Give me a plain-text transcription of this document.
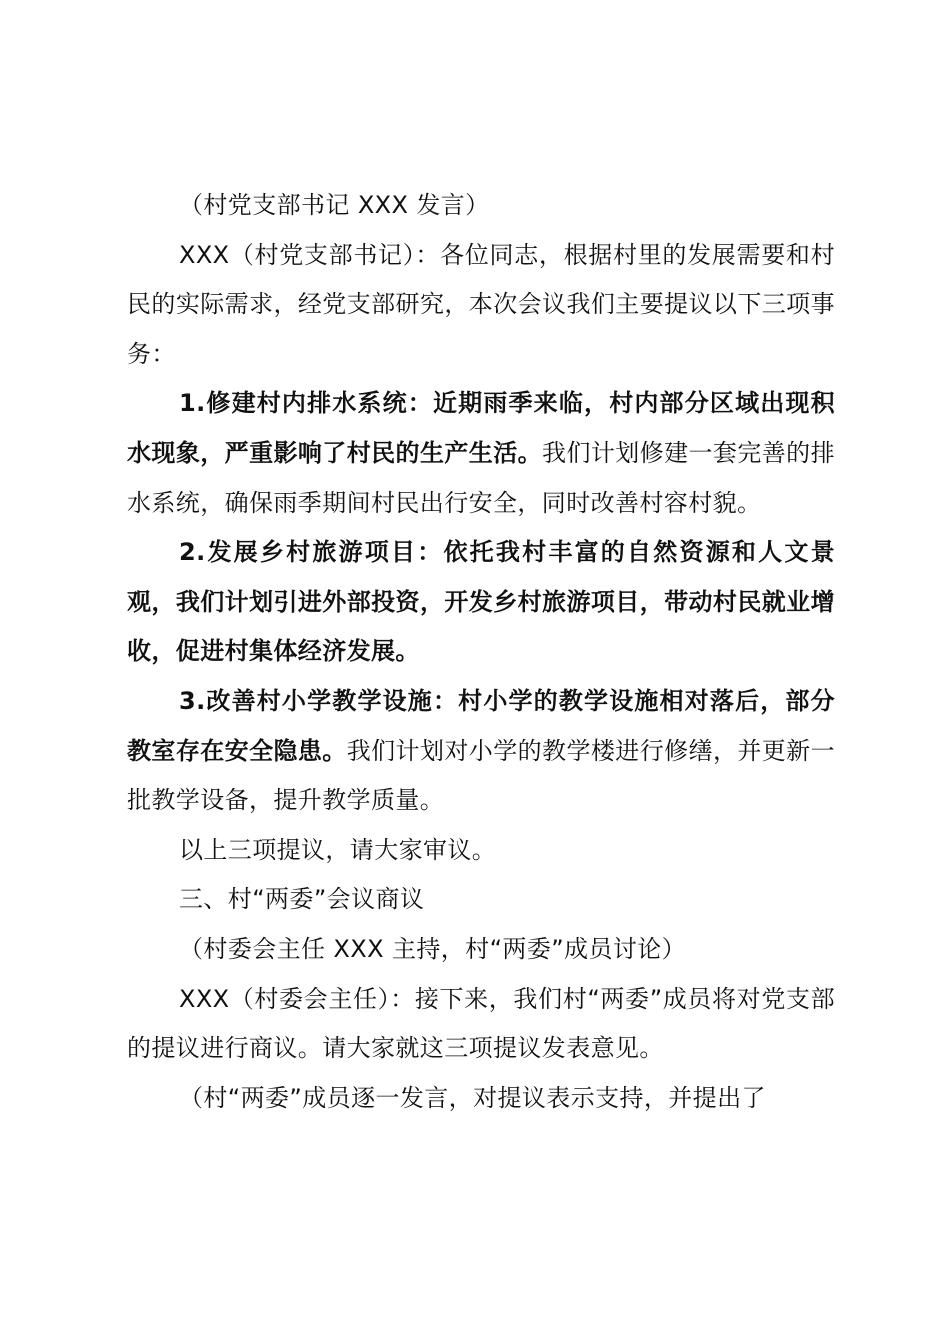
（村党支部书记 XXX 发言）

XXX（村党支部书记）：各位同志，根据村里的发展需要和村民的实际需求，经党支部研究，本次会议我们主要提议以下三项事务：

1.修建村内排水系统：近期雨季来临，村内部分区域出现积水现象，严重影响了村民的生产生活。我们计划修建一套完善的排水系统，确保雨季期间村民出行安全，同时改善村容村貌。

2.发展乡村旅游项目：依托我村丰富的自然资源和人文景观，我们计划引进外部投资，开发乡村旅游项目，带动村民就业增收，促进村集体经济发展。

3.改善村小学教学设施：村小学的教学设施相对落后，部分教室存在安全隐患。我们计划对小学的教学楼进行修缮，并更新一批教学设备，提升教学质量。

以上三项提议，请大家审议。

三、村“两委”会议商议

（村委会主任 XXX 主持，村“两委”成员讨论）

XXX（村委会主任）：接下来，我们村“两委”成员将对党支部的提议进行商议。请大家就这三项提议发表意见。

（村“两委”成员逐一发言，对提议表示支持，并提出了
